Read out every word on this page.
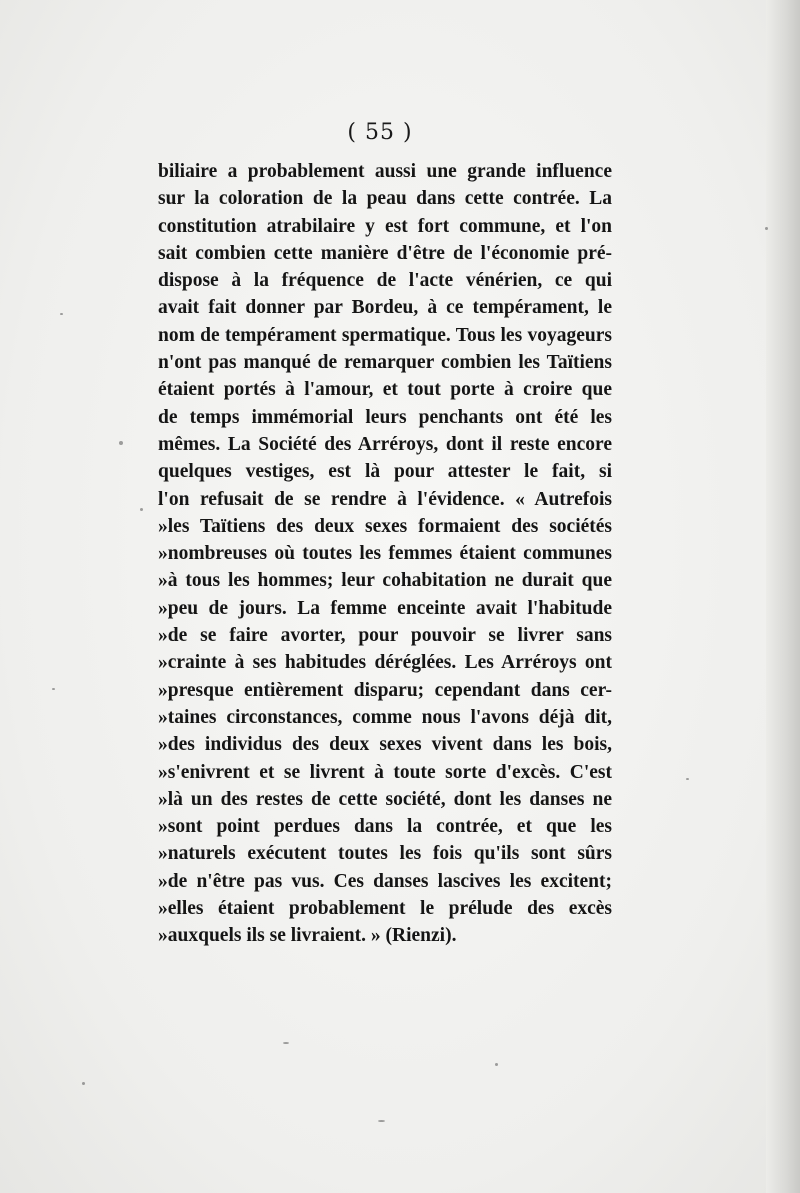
( 55 )
biliaire a probablement aussi une grande influence
sur la coloration de la peau dans cette contrée. La
constitution atrabilaire y est fort commune, et l'on
sait combien cette manière d'être de l'économie pré-
dispose à la fréquence de l'acte vénérien, ce qui
avait fait donner par Bordeu, à ce tempérament, le
nom de tempérament spermatique. Tous les voyageurs
n'ont pas manqué de remarquer combien les Taïtiens
étaient portés à l'amour, et tout porte à croire que
de temps immémorial leurs penchants ont été les
mêmes. La Société des Arréroys, dont il reste encore
quelques vestiges, est là pour attester le fait, si
l'on refusait de se rendre à l'évidence. « Autrefois
»les Taïtiens des deux sexes formaient des sociétés
»nombreuses où toutes les femmes étaient communes
»à tous les hommes; leur cohabitation ne durait que
»peu de jours. La femme enceinte avait l'habitude
»de se faire avorter, pour pouvoir se livrer sans
»crainte à ses habitudes déréglées. Les Arréroys ont
»presque entièrement disparu; cependant dans cer-
»taines circonstances, comme nous l'avons déjà dit,
»des individus des deux sexes vivent dans les bois,
»s'enivrent et se livrent à toute sorte d'excès. C'est
»là un des restes de cette société, dont les danses ne
»sont point perdues dans la contrée, et que les
»naturels exécutent toutes les fois qu'ils sont sûrs
»de n'être pas vus. Ces danses lascives les excitent;
»elles étaient probablement le prélude des excès
»auxquels ils se livraient. » (Rienzi).
